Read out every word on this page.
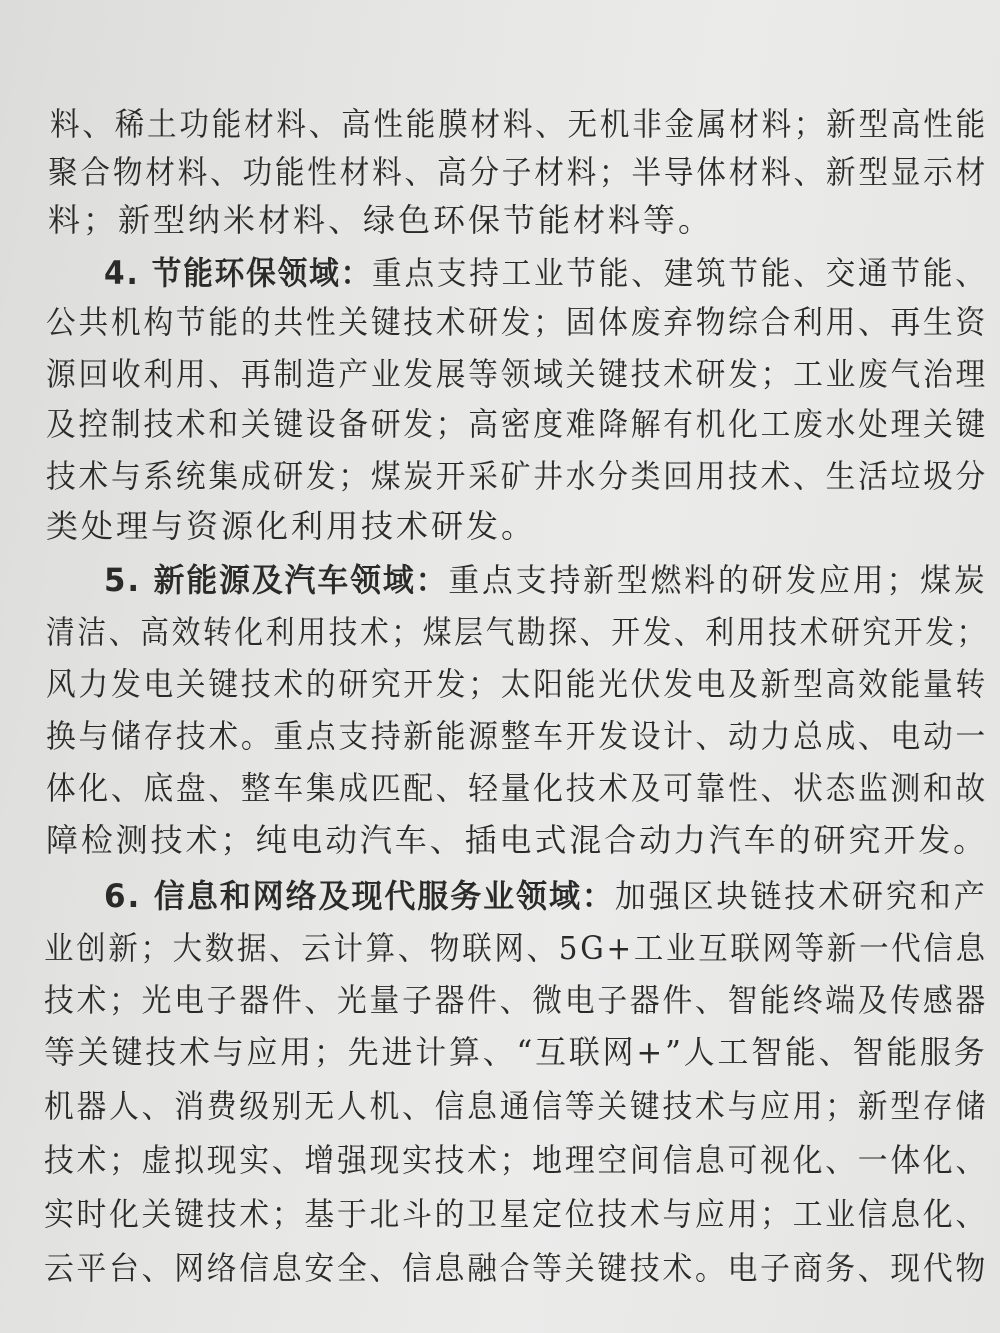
料、稀土功能材料、高性能膜材料、无机非金属材料；新型高性能
聚合物材料、功能性材料、高分子材料；半导体材料、新型显示材
料；新型纳米材料、绿色环保节能材料等。
4. 节能环保领域：重点支持工业节能、建筑节能、交通节能、
公共机构节能的共性关键技术研发；固体废弃物综合利用、再生资
源回收利用、再制造产业发展等领域关键技术研发；工业废气治理
及控制技术和关键设备研发；高密度难降解有机化工废水处理关键
技术与系统集成研发；煤炭开采矿井水分类回用技术、生活垃圾分
类处理与资源化利用技术研发。
5. 新能源及汽车领域：重点支持新型燃料的研发应用；煤炭
清洁、高效转化利用技术；煤层气勘探、开发、利用技术研究开发；
风力发电关键技术的研究开发；太阳能光伏发电及新型高效能量转
换与储存技术。重点支持新能源整车开发设计、动力总成、电动一
体化、底盘、整车集成匹配、轻量化技术及可靠性、状态监测和故
障检测技术；纯电动汽车、插电式混合动力汽车的研究开发。
6. 信息和网络及现代服务业领域：加强区块链技术研究和产
业创新；大数据、云计算、物联网、5G+工业互联网等新一代信息
技术；光电子器件、光量子器件、微电子器件、智能终端及传感器
等关键技术与应用；先进计算、“互联网+”人工智能、智能服务
机器人、消费级别无人机、信息通信等关键技术与应用；新型存储
技术；虚拟现实、增强现实技术；地理空间信息可视化、一体化、
实时化关键技术；基于北斗的卫星定位技术与应用；工业信息化、
云平台、网络信息安全、信息融合等关键技术。电子商务、现代物
